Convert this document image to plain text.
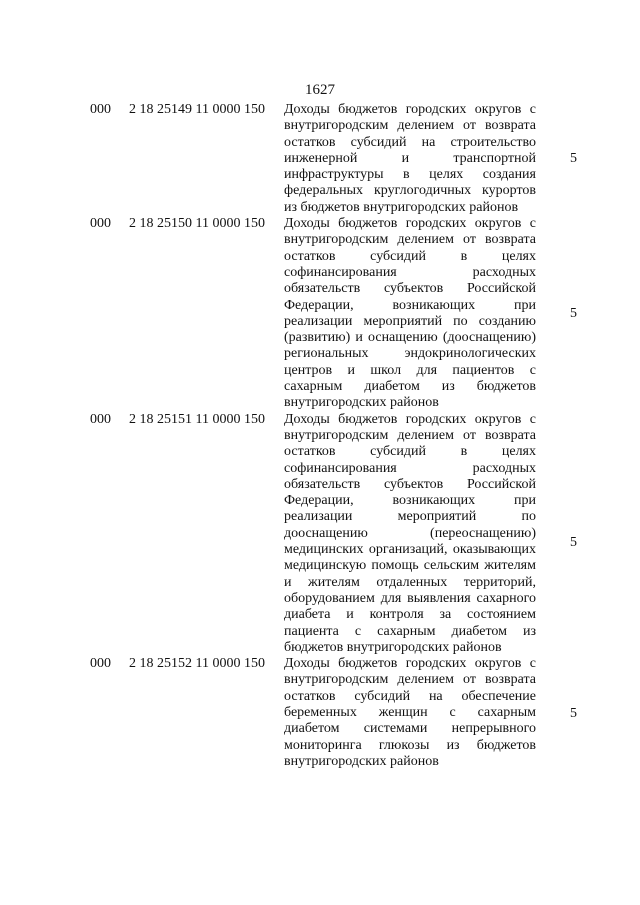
1627
000 2 18 25149 11 0000 150 Доходы бюджетов городских округов с внутригородским делением от возврата остатков субсидий на строительство инженерной и транспортной инфраструктуры в целях создания федеральных круглогодичных курортов из бюджетов внутригородских районов
5
000 2 18 25150 11 0000 150 Доходы бюджетов городских округов с внутригородским делением от возврата остатков субсидий в целях софинансирования расходных обязательств субъектов Российской Федерации, возникающих при реализации мероприятий по созданию (развитию) и оснащению (дооснащению) региональных эндокринологических центров и школ для пациентов с сахарным диабетом из бюджетов внутригородских районов
5
000 2 18 25151 11 0000 150 Доходы бюджетов городских округов с внутригородским делением от возврата остатков субсидий в целях софинансирования расходных обязательств субъектов Российской Федерации, возникающих при реализации мероприятий по дооснащению (переоснащению) медицинских организаций, оказывающих медицинскую помощь сельским жителям и жителям отдаленных территорий, оборудованием для выявления сахарного диабета и контроля за состоянием пациента с сахарным диабетом из бюджетов внутригородских районов
5
000 2 18 25152 11 0000 150 Доходы бюджетов городских округов с внутригородским делением от возврата остатков субсидий на обеспечение беременных женщин с сахарным диабетом системами непрерывного мониторинга глюкозы из бюджетов внутригородских районов
5
